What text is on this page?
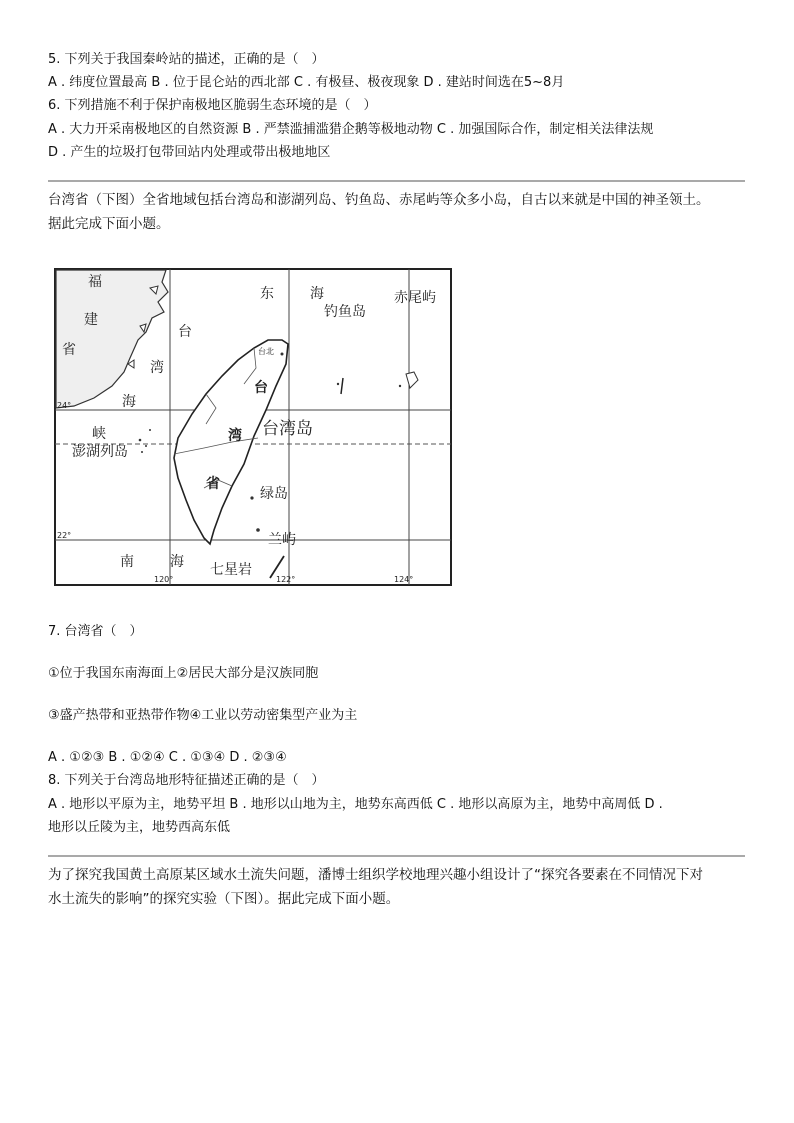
5. 下列关于我国秦岭站的描述，正确的是（　）
A . 纬度位置最高 B . 位于昆仑站的西北部 C . 有极昼、极夜现象 D . 建站时间选在5~8月
6. 下列措施不利于保护南极地区脆弱生态环境的是（　）
A . 大力开采南极地区的自然资源 B . 严禁滥捕滥猎企鹅等极地动物 C . 加强国际合作，制定相关法律法规
D . 产生的垃圾打包带回站内处理或带出极地地区
台湾省（下图）全省地域包括台湾岛和澎湖列岛、钓鱼岛、赤尾屿等众多小岛，自古以来就是中国的神圣领土。
据此完成下面小题。
福
建
省
台
湾
海
峡
东	海
钓鱼岛
赤尾屿
台北
台
湾
省
台湾岛
澎湖列岛
绿岛
兰屿
南	海 七星岩
24°
22°
120°	122°	124°
7. 台湾省（　）
①位于我国东南海面上②居民大部分是汉族同胞
③盛产热带和亚热带作物④工业以劳动密集型产业为主
A . ①②③ B . ①②④ C . ①③④ D . ②③④
8. 下列关于台湾岛地形特征描述正确的是（　）
A . 地形以平原为主，地势平坦 B . 地形以山地为主，地势东高西低 C . 地形以高原为主，地势中高周低 D .
地形以丘陵为主，地势西高东低
为了探究我国黄土高原某区域水土流失问题，潘博士组织学校地理兴趣小组设计了“探究各要素在不同情况下对
水土流失的影响”的探究实验（下图）。据此完成下面小题。
